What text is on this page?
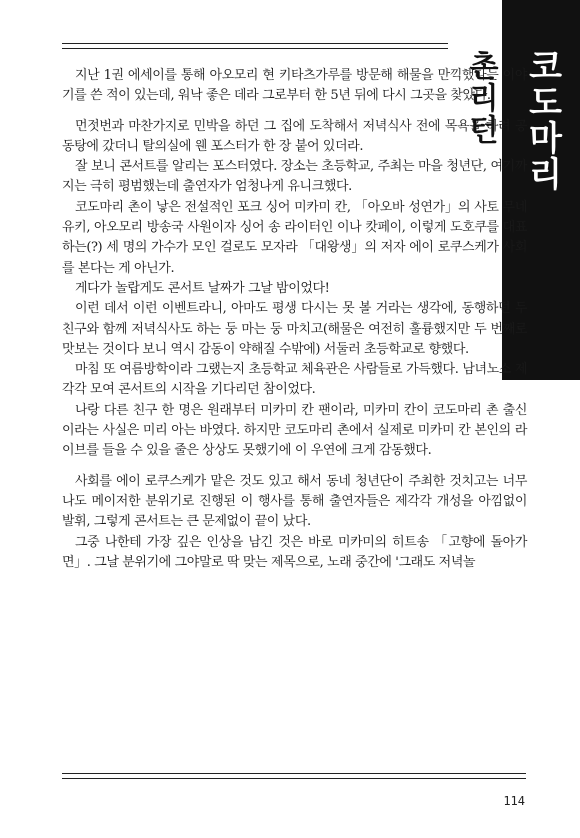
촌리턴 코도마리

지난 1권 에세이를 통해 아오모리 현 키타츠가루를 방문해 해물을 만끽했다는 이야기를 쓴 적이 있는데, 워낙 좋은 데라 그로부터 한 5년 뒤에 다시 그곳을 찾았다.

먼젓번과 마찬가지로 민박을 하던 그 집에 도착해서 저녁식사 전에 목욕을 하려 공동탕에 갔더니 탈의실에 웬 포스터가 한 장 붙어 있더라.

잘 보니 콘서트를 알리는 포스터였다. 장소는 초등학교, 주최는 마을 청년단, 여기까지는 극히 평범했는데 출연자가 엄청나게 유니크했다.

코도마리 촌이 낳은 전설적인 포크 싱어 미카미 칸, 「아오바 성연가」의 사토 무네유키, 아오모리 방송국 사원이자 싱어 송 라이터인 이나 캇페이, 이렇게 도호쿠를 대표하는(?) 세 명의 가수가 모인 걸로도 모자라 「대왕생」의 저자 에이 로쿠스케가 사회를 본다는 게 아닌가.

게다가 놀랍게도 콘서트 날짜가 그날 밤이었다!

이런 데서 이런 이벤트라니, 아마도 평생 다시는 못 볼 거라는 생각에, 동행하던 두 친구와 함께 저녁식사도 하는 둥 마는 둥 마치고(해물은 여전히 훌륭했지만 두 번째로 맛보는 것이다 보니 역시 감동이 약해질 수밖에) 서둘러 초등학교로 향했다.

마침 또 여름방학이라 그랬는지 초등학교 체육관은 사람들로 가득했다. 남녀노소 제각각 모여 콘서트의 시작을 기다리던 참이었다.

나랑 다른 친구 한 명은 원래부터 미카미 칸 팬이라, 미카미 칸이 코도마리 촌 출신이라는 사실은 미리 아는 바였다. 하지만 코도마리 촌에서 실제로 미카미 칸 본인의 라이브를 들을 수 있을 줄은 상상도 못했기에 이 우연에 크게 감동했다.

사회를 에이 로쿠스케가 맡은 것도 있고 해서 동네 청년단이 주최한 것치고는 너무나도 메이저한 분위기로 진행된 이 행사를 통해 출연자들은 제각각 개성을 아낌없이 발휘, 그렇게 콘서트는 큰 문제없이 끝이 났다.

그중 나한테 가장 깊은 인상을 남긴 것은 바로 미카미의 히트송 「고향에 돌아가면」. 그날 분위기에 그야말로 딱 맞는 제목으로, 노래 중간에 '그래도 저녁놀

114
